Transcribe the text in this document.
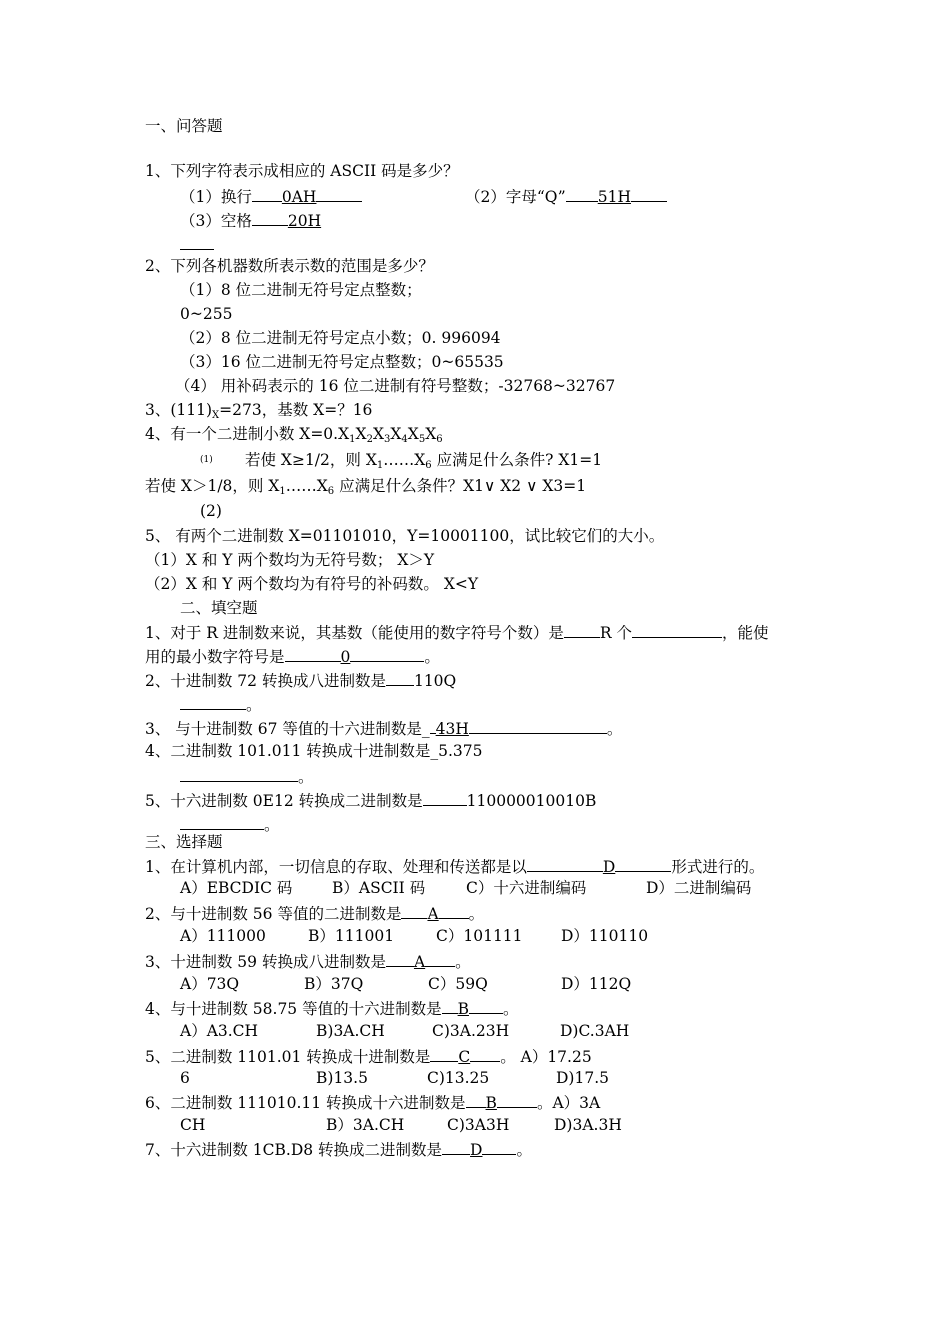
一、问答题
1、下列字符表示成相应的 ASCII 码是多少？
（1）换行 0AH	（2）字母“Q” 51H
（3）空格 20H
2、下列各机器数所表示数的范围是多少？
（1）8 位二进制无符号定点整数；
0~255
（2）8 位二进制无符号定点小数；0. 996094
（3）16 位二进制无符号定点整数；0~65535
（4） 用补码表示的 16 位二进制有符号整数；-32768~32767
3、$(111)_X=273$，基数 X=？16
4、有一个二进制小数 $X=0.X_1X_2X_3X_4X_5X_6$
(1) 若使 X≥1/2，则 $X_1\dots\dots X_6$ 应满足什么条件? X1=1
若使 X＞1/8，则 $X_1\dots\dots X_6$ 应满足什么条件？X1∨ X2 ∨ X3=1
(2)
5、 有两个二进制数 X=01101010，Y=10001100，试比较它们的大小。
（1）X 和 Y 两个数均为无符号数； X＞Y
（2）X 和 Y 两个数均为有符号的补码数。 X<Y
二、填空题
1、对于 R 进制数来说，其基数（能使用的数字符号个数）是 R 个	，能使
用的最小数字符号是	0	。
2、十进制数 72 转换成八进制数是 110Q
。
3、 与十进制数 67 等值的十六进制数是_ 43H	。
4、二进制数 101.011 转换成十进制数是_5.375
。
5、十六进制数 0E12 转换成二进制数是	110000010010B
。
三、选择题
1、在计算机内部，一切信息的存取、处理和传送都是以	D	形式进行的。
A）EBCDIC 码	B）ASCII 码	C）十六进制编码	D）二进制编码
2、与十进制数 56 等值的二进制数是 A 。
A）111000	B）111001	C）101111 D）110110
3、十进制数 59 转换成八进制数是 A 。
A）73Q	B）37Q	C）59Q	D）112Q
4、与十进制数 58.75 等值的十六进制数是 B 。
A）A3.CH	B)3A.CH	C)3A.23H	D)C.3AH
5、二进制数 1101.01 转换成十进制数是 C 。 A）17.25
6	B)13.5	C)13.25	D)17.5
6、二进制数 111010.11 转换成十六进制数是 B	。A）3A
CH	B）3A.CH	C)3A3H	D)3A.3H
7、十六进制数 1CB.D8 转换成二进制数是 D 。
